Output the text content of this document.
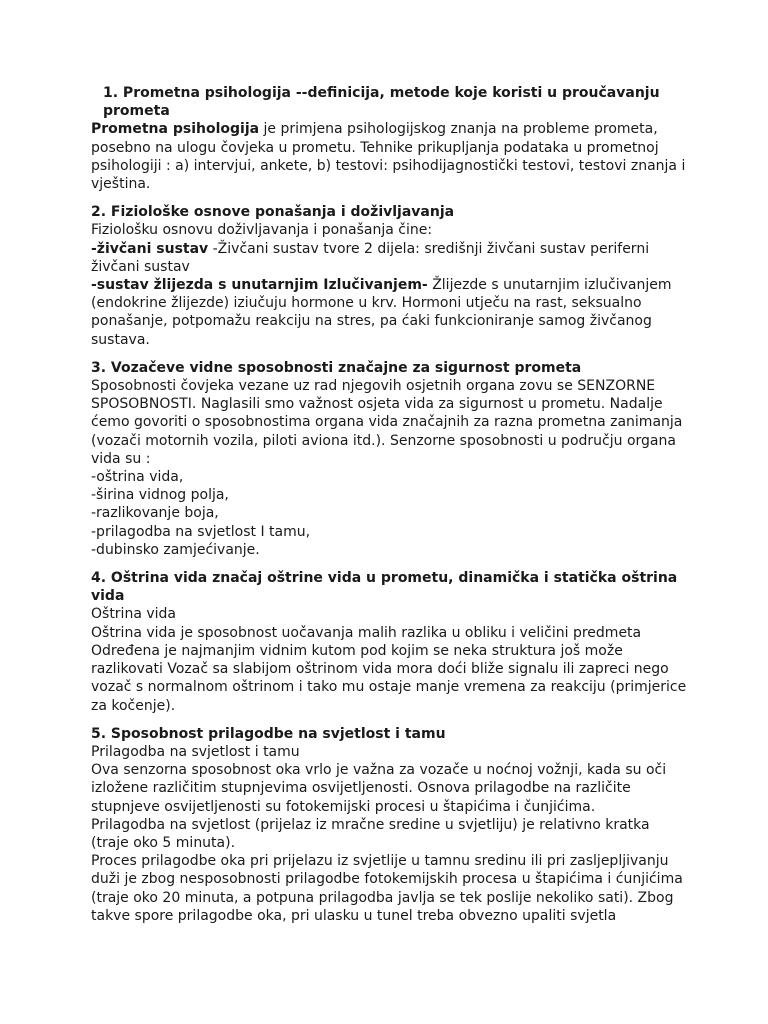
1. Prometna psihologija --definicija, metode koje koristi u proučavanju prometa

Prometna psihologija je primjena psihologijskog znanja na probleme prometa, posebno na ulogu čovjeka u prometu. Tehnike prikupljanja podataka u prometnoj psihologiji : a) intervjui, ankete, b) testovi: psihodijagnostički testovi, testovi znanja i vještina.

2. Fiziološke osnove ponašanja i doživljavanja

Fiziološku osnovu doživljavanja i ponašanja čine:

-živčani sustav -Živčani sustav tvore 2 dijela: središnji živčani sustav periferni živčani sustav

-sustav žlijezda s unutarnjim Izlučivanjem- Žlijezde s unutarnjim izlučivanjem (endokrine žlijezde) iziučuju hormone u krv. Hormoni utječu na rast, seksualno ponašanje, potpomažu reakciju na stres, pa ćaki funkcioniranje samog živčanog sustava.

3. Vozačeve vidne sposobnosti značajne za sigurnost prometa

Sposobnosti čovjeka vezane uz rad njegovih osjetnih organa zovu se SENZORNE SPOSOBNOSTI. Naglasili smo važnost osjeta vida za sigurnost u prometu. Nadalje ćemo govoriti o sposobnostima organa vida značajnih za razna prometna zanimanja (vozači motornih vozila, piloti aviona itd.). Senzorne sposobnosti u području organa vida su :

-oštrina vida,

-širina vidnog polja,

-razlikovanje boja,

-prilagodba na svjetlost I tamu,

-dubinsko zamjećivanje.

4. Oštrina vida značaj oštrine vida u prometu, dinamička i statička oštrina vida

Oštrina vida

Oštrina vida je sposobnost uočavanja malih razlika u obliku i veličini predmeta Određena je najmanjim vidnim kutom pod kojim se neka struktura još može razlikovati Vozač sa slabijom oštrinom vida mora doći bliže signalu ili zapreci nego vozač s normalnom oštrinom i tako mu ostaje manje vremena za reakciju (primjerice za kočenje).

5. Sposobnost prilagodbe na svjetlost i tamu

Prilagodba na svjetlost i tamu

Ova senzorna sposobnost oka vrlo je važna za vozače u noćnoj vožnji, kada su oči izložene različitim stupnjevima osvijetljenosti. Osnova prilagodbe na različite stupnjeve osvijetljenosti su fotokemijski procesi u štapićima i čunjićima.

Prilagodba na svjetlost (prijelaz iz mračne sredine u svjetliju) je relativno kratka (traje oko 5 minuta).

Proces prilagodbe oka pri prijelazu iz svjetlije u tamnu sredinu ili pri zasljepljivanju duži je zbog nesposobnosti prilagodbe fotokemijskih procesa u štapićima i ćunjićima (traje oko 20 minuta, a potpuna prilagodba javlja se tek poslije nekoliko sati). Zbog takve spore prilagodbe oka, pri ulasku u tunel treba obvezno upaliti svjetla
